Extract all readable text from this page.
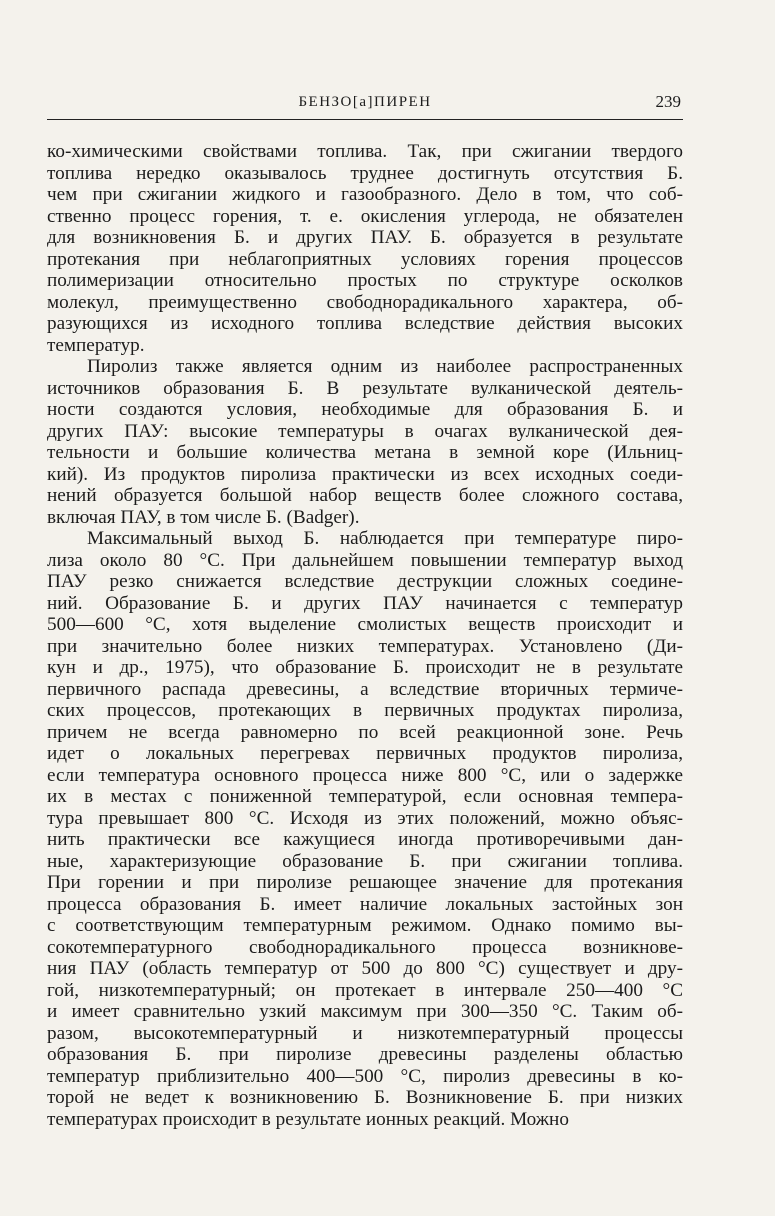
БЕНЗО[а]ПИРЕН	239
ко-химическими свойствами топлива. Так, при сжигании твердого
топлива нередко оказывалось труднее достигнуть отсутствия Б.
чем при сжигании жидкого и газообразного. Дело в том, что соб-
ственно процесс горения, т. е. окисления углерода, не обязателен
для возникновения Б. и других ПАУ. Б. образуется в результате
протекания при неблагоприятных условиях горения процессов
полимеризации относительно простых по структуре осколков
молекул, преимущественно свободнорадикального характера, об-
разующихся из исходного топлива вследствие действия высоких
температур.
Пиролиз также является одним из наиболее распространенных
источников образования Б. В результате вулканической деятель-
ности создаются условия, необходимые для образования Б. и
других ПАУ: высокие температуры в очагах вулканической дея-
тельности и большие количества метана в земной коре (Ильниц-
кий). Из продуктов пиролиза практически из всех исходных соеди-
нений образуется большой набор веществ более сложного состава,
включая ПАУ, в том числе Б. (Badger).
Максимальный выход Б. наблюдается при температуре пиро-
лиза около 80 °C. При дальнейшем повышении температур выход
ПАУ резко снижается вследствие деструкции сложных соедине-
ний. Образование Б. и других ПАУ начинается с температур
500—600 °C, хотя выделение смолистых веществ происходит и
при значительно более низких температурах. Установлено (Ди-
кун и др., 1975), что образование Б. происходит не в результате
первичного распада древесины, а вследствие вторичных термиче-
ских процессов, протекающих в первичных продуктах пиролиза,
причем не всегда равномерно по всей реакционной зоне. Речь
идет о локальных перегревах первичных продуктов пиролиза,
если температура основного процесса ниже 800 °C, или о задержке
их в местах с пониженной температурой, если основная темпера-
тура превышает 800 °C. Исходя из этих положений, можно объяс-
нить практически все кажущиеся иногда противоречивыми дан-
ные, характеризующие образование Б. при сжигании топлива.
При горении и при пиролизе решающее значение для протекания
процесса образования Б. имеет наличие локальных застойных зон
с соответствующим температурным режимом. Однако помимо вы-
сокотемпературного свободнорадикального процесса возникнове-
ния ПАУ (область температур от 500 до 800 °C) существует и дру-
гой, низкотемпературный; он протекает в интервале 250—400 °C
и имеет сравнительно узкий максимум при 300—350 °C. Таким об-
разом, высокотемпературный и низкотемпературный процессы
образования Б. при пиролизе древесины разделены областью
температур приблизительно 400—500 °C, пиролиз древесины в ко-
торой не ведет к возникновению Б. Возникновение Б. при низких
температурах происходит в результате ионных реакций. Можно
